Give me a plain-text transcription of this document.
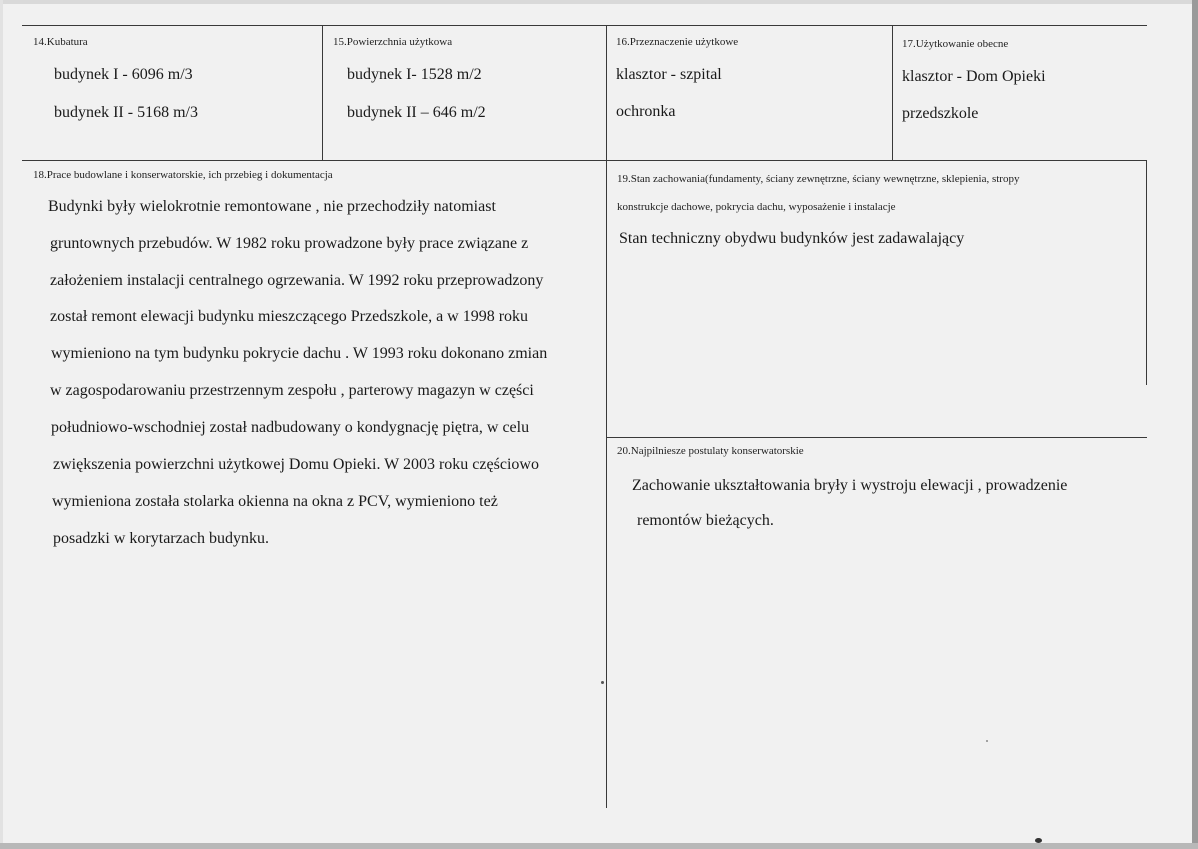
14.Kubatura
budynek I - 6096 m/3
budynek II - 5168 m/3
15.Powierzchnia użytkowa
budynek I- 1528 m/2
budynek II – 646 m/2
16.Przeznaczenie użytkowe
klasztor - szpital
ochronka
17.Użytkowanie obecne
klasztor - Dom Opieki
przedszkole
18.Prace budowlane i konserwatorskie, ich przebieg i dokumentacja
Budynki były wielokrotnie remontowane , nie przechodziły natomiast
gruntownych przebudów. W 1982 roku prowadzone były prace związane z
założeniem instalacji centralnego ogrzewania. W 1992 roku przeprowadzony
został remont elewacji budynku mieszczącego Przedszkole, a w 1998 roku
wymieniono na tym budynku pokrycie dachu . W 1993 roku dokonano zmian
w zagospodarowaniu przestrzennym zespołu , parterowy magazyn w części
południowo-wschodniej został nadbudowany o kondygnację piętra, w celu
zwiększenia powierzchni użytkowej Domu Opieki. W 2003 roku częściowo
wymieniona została stolarka okienna na okna z PCV, wymieniono też
posadzki w korytarzach budynku.
19.Stan zachowania(fundamenty, ściany zewnętrzne, ściany wewnętrzne, sklepienia, stropy
konstrukcje dachowe, pokrycia dachu, wyposażenie i instalacje
Stan techniczny obydwu budynków jest zadawalający
20.Najpilniesze postulaty konserwatorskie
Zachowanie ukształtowania bryły i wystroju elewacji , prowadzenie
remontów bieżących.
